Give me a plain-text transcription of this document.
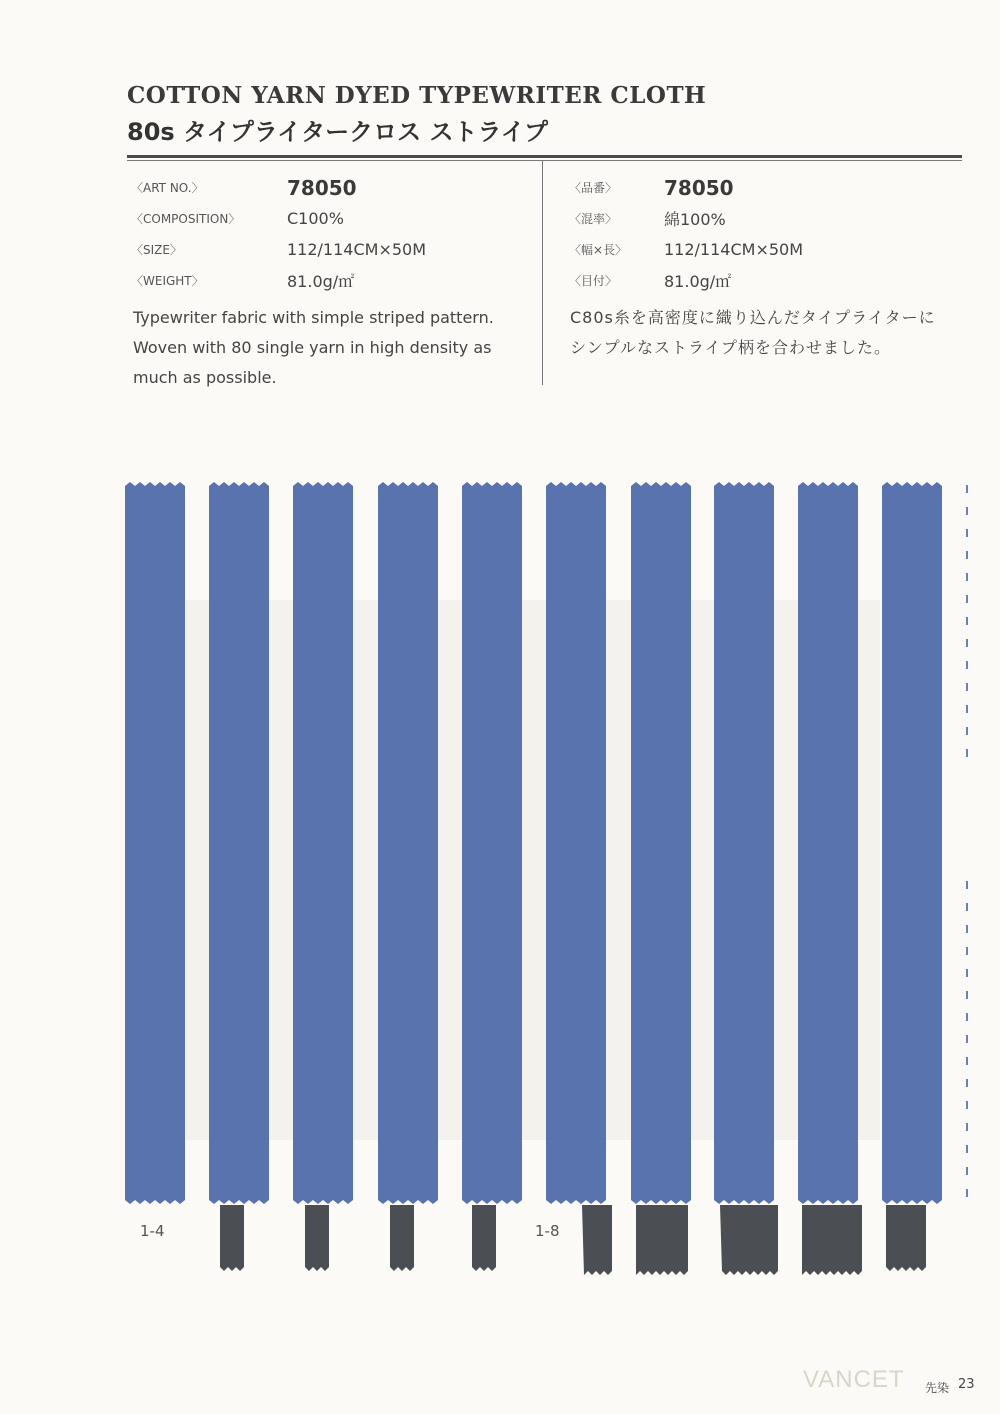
COTTON YARN DYED TYPEWRITER CLOTH
80s タイプライタークロス ストライプ
〈ART NO.〉	78050
〈COMPOSITION〉	C100%
〈SIZE〉	112/114CM×50M
〈WEIGHT〉	81.0g/㎡
〈品番〉	78050
〈混率〉	綿100%
〈幅×長〉	112/114CM×50M
〈目付〉	81.0g/㎡

Typewriter fabric with simple striped pattern.

Woven with 80 single yarn in high density as

much as possible.

C80s糸を高密度に織り込んだタイプライターに

シンプルなストライプ柄を合わせました。

1-4	1-8
VANCET 先染 23
